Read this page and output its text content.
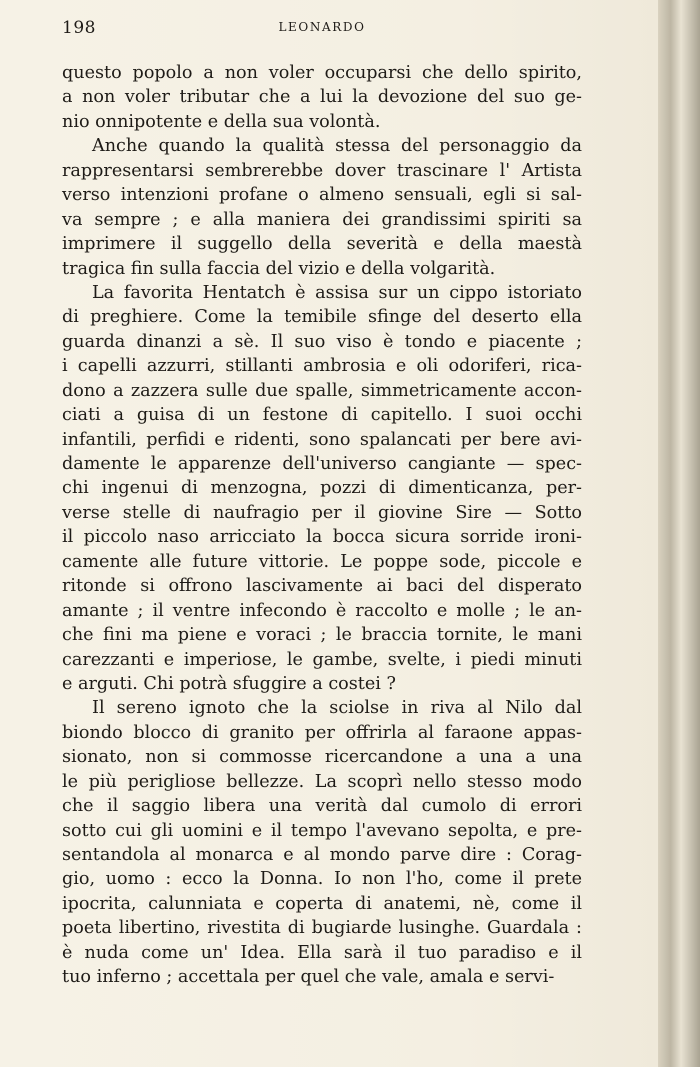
198	LEONARDO
questo popolo a non voler occuparsi che dello spirito,
a non voler tributar che a lui la devozione del suo ge-
nio onnipotente e della sua volontà.
Anche quando la qualità stessa del personaggio da
rappresentarsi sembrerebbe dover trascinare l' Artista
verso intenzioni profane o almeno sensuali, egli si sal-
va sempre ; e alla maniera dei grandissimi spiriti sa
imprimere il suggello della severità e della maestà
tragica fin sulla faccia del vizio e della volgarità.
La favorita Hentatch è assisa sur un cippo istoriato
di preghiere. Come la temibile sfinge del deserto ella
guarda dinanzi a sè. Il suo viso è tondo e piacente ;
i capelli azzurri, stillanti ambrosia e oli odoriferi, rica-
dono a zazzera sulle due spalle, simmetricamente accon-
ciati a guisa di un festone di capitello. I suoi occhi
infantili, perfidi e ridenti, sono spalancati per bere avi-
damente le apparenze dell'universo cangiante — spec-
chi ingenui di menzogna, pozzi di dimenticanza, per-
verse stelle di naufragio per il giovine Sire — Sotto
il piccolo naso arricciato la bocca sicura sorride ironi-
camente alle future vittorie. Le poppe sode, piccole e
ritonde si offrono lascivamente ai baci del disperato
amante ; il ventre infecondo è raccolto e molle ; le an-
che fini ma piene e voraci ; le braccia tornite, le mani
carezzanti e imperiose, le gambe, svelte, i piedi minuti
e arguti. Chi potrà sfuggire a costei ?
Il sereno ignoto che la sciolse in riva al Nilo dal
biondo blocco di granito per offrirla al faraone appas-
sionato, non si commosse ricercandone a una a una
le più perigliose bellezze. La scoprì nello stesso modo
che il saggio libera una verità dal cumolo di errori
sotto cui gli uomini e il tempo l'avevano sepolta, e pre-
sentandola al monarca e al mondo parve dire : Corag-
gio, uomo : ecco la Donna. Io non l'ho, come il prete
ipocrita, calunniata e coperta di anatemi, nè, come il
poeta libertino, rivestita di bugiarde lusinghe. Guardala :
è nuda come un' Idea. Ella sarà il tuo paradiso e il
tuo inferno ; accettala per quel che vale, amala e servi-
